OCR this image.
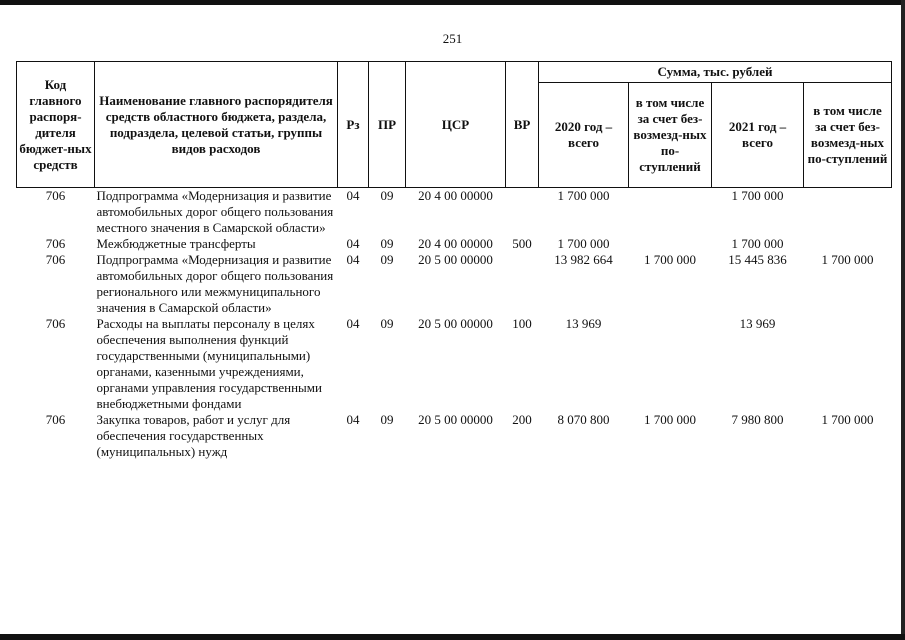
251
Код главного распоря-дителя бюджет-ных средств	Наименование главного распорядителя средств областного бюджета, раздела, подраздела, целевой статьи, группы видов расходов	Рз	ПР	ЦСР	ВР	Сумма, тыс. рублей			
						2020 год – всего	в том числе за счет без-возмезд-ных по-ступлений	2021 год – всего	в том числе за счет без-возмезд-ных по-ступлений
706	Подпрограмма «Модернизация и развитие автомобильных дорог общего пользования местного значения в Самарской области»	04	09	20 4 00 00000		1 700 000		1 700 000	
706	Межбюджетные трансферты	04	09	20 4 00 00000	500	1 700 000		1 700 000	
706	Подпрограмма «Модернизация и развитие автомобильных дорог общего пользования регионального или межмуниципального значения в Самарской области»	04	09	20 5 00 00000		13 982 664	1 700 000	15 445 836	1 700 000
706	Расходы на выплаты персоналу в целях обеспечения выполнения функций государственными (муниципальными) органами, казенными учреждениями, органами управления государственными внебюджетными фондами	04	09	20 5 00 00000	100	13 969		13 969	
706	Закупка товаров, работ и услуг для обеспечения государственных (муниципальных) нужд	04	09	20 5 00 00000	200	8 070 800	1 700 000	7 980 800	1 700 000
